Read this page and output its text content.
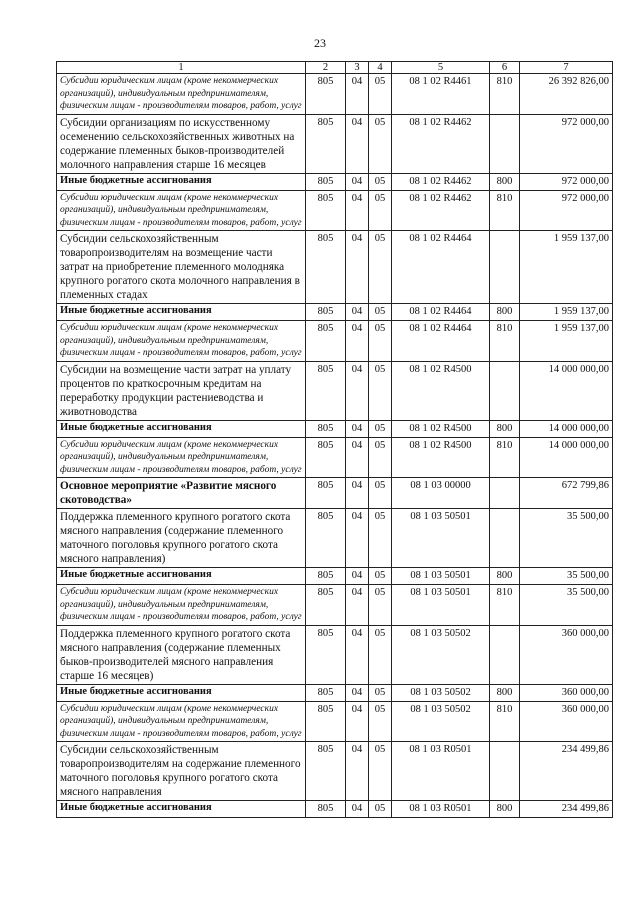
23
1	2	3	4	5	6	7
Субсидии юридическим лицам (кроме некоммерческих организаций), индивидуальным предпринимателям, физическим лицам - производителям товаров, работ, услуг	805	04	05	08 1 02 R4461	810	26 392 826,00
Субсидии организациям по искусственному осеменению сельскохозяйственных животных на содержание племенных быков-производителей молочного направления старше 16 месяцев	805	04	05	08 1 02 R4462		972 000,00
Иные бюджетные ассигнования	805	04	05	08 1 02 R4462	800	972 000,00
Субсидии юридическим лицам (кроме некоммерческих организаций), индивидуальным предпринимателям, физическим лицам - производителям товаров, работ, услуг	805	04	05	08 1 02 R4462	810	972 000,00
Субсидии сельскохозяйственным товаропроизводителям на возмещение части затрат на приобретение племенного молодняка крупного рогатого скота молочного направления в племенных стадах	805	04	05	08 1 02 R4464		1 959 137,00
Иные бюджетные ассигнования	805	04	05	08 1 02 R4464	800	1 959 137,00
Субсидии юридическим лицам (кроме некоммерческих организаций), индивидуальным предпринимателям, физическим лицам - производителям товаров, работ, услуг	805	04	05	08 1 02 R4464	810	1 959 137,00
Субсидии на возмещение части затрат на уплату процентов по краткосрочным кредитам на переработку продукции растениеводства и животноводства	805	04	05	08 1 02 R4500		14 000 000,00
Иные бюджетные ассигнования	805	04	05	08 1 02 R4500	800	14 000 000,00
Субсидии юридическим лицам (кроме некоммерческих организаций), индивидуальным предпринимателям, физическим лицам - производителям товаров, работ, услуг	805	04	05	08 1 02 R4500	810	14 000 000,00
Основное мероприятие «Развитие мясного скотоводства»	805	04	05	08 1 03 00000		672 799,86
Поддержка племенного крупного рогатого скота мясного направления (содержание племенного маточного поголовья крупного рогатого скота мясного направления)	805	04	05	08 1 03 50501		35 500,00
Иные бюджетные ассигнования	805	04	05	08 1 03 50501	800	35 500,00
Субсидии юридическим лицам (кроме некоммерческих организаций), индивидуальным предпринимателям, физическим лицам - производителям товаров, работ, услуг	805	04	05	08 1 03 50501	810	35 500,00
Поддержка племенного крупного рогатого скота мясного направления (содержание племенных быков-производителей мясного направления старше 16 месяцев)	805	04	05	08 1 03 50502		360 000,00
Иные бюджетные ассигнования	805	04	05	08 1 03 50502	800	360 000,00
Субсидии юридическим лицам (кроме некоммерческих организаций), индивидуальным предпринимателям, физическим лицам - производителям товаров, работ, услуг	805	04	05	08 1 03 50502	810	360 000,00
Субсидии сельскохозяйственным товаропроизводителям на содержание племенного маточного поголовья крупного рогатого скота мясного направления	805	04	05	08 1 03 R0501		234 499,86
Иные бюджетные ассигнования	805	04	05	08 1 03 R0501	800	234 499,86
